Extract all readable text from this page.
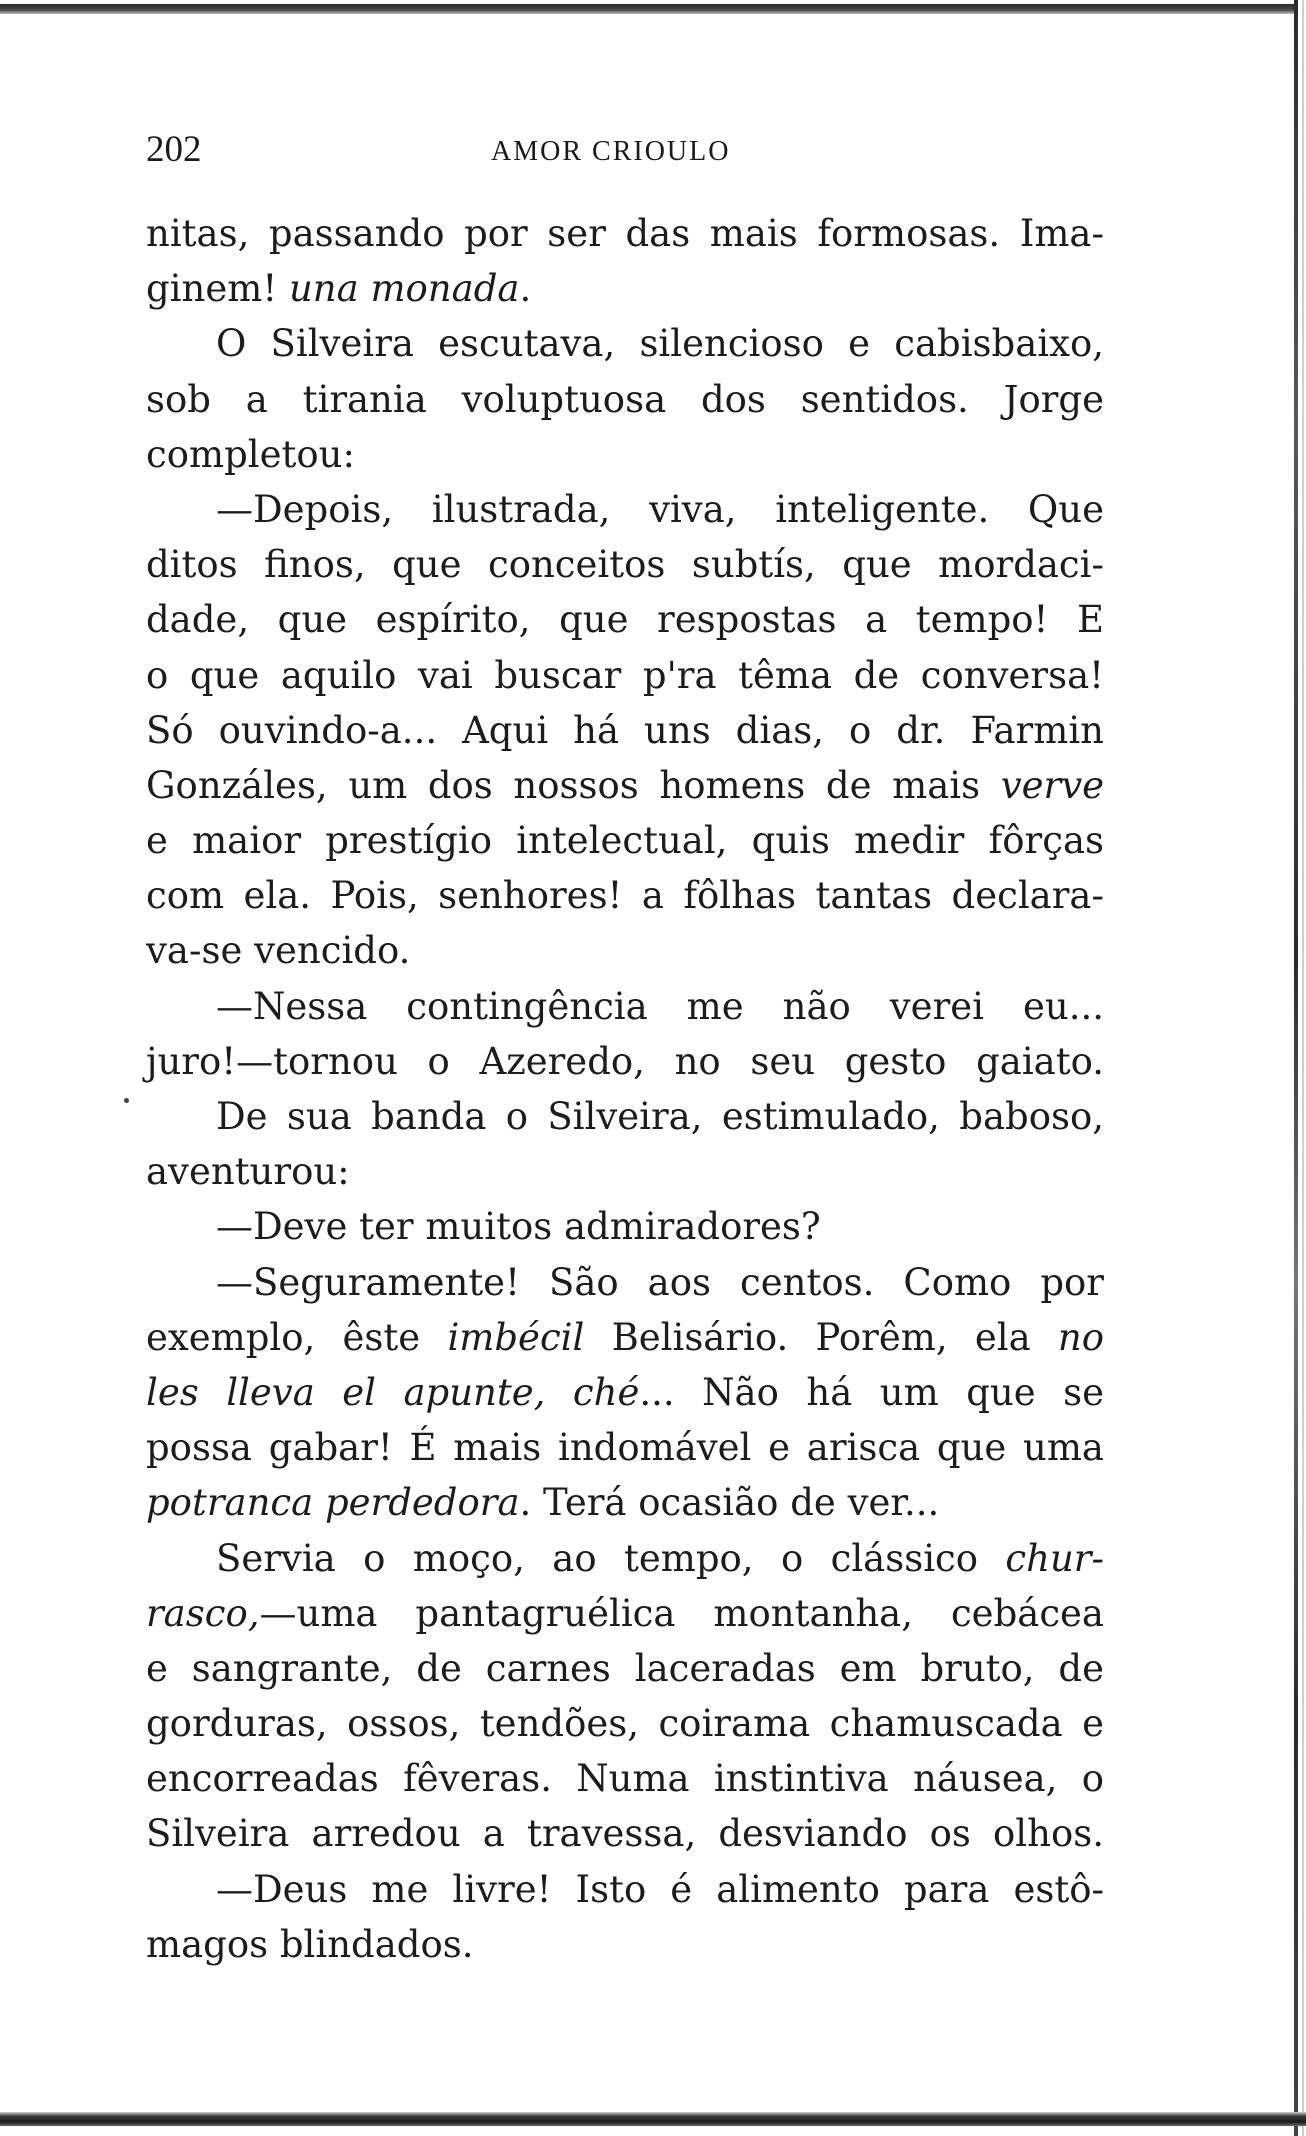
202	AMOR CRIOULO
nitas, passando por ser das mais formosas. Ima-
ginem! una monada.
O Silveira escutava, silencioso e cabisbaixo,
sob a tirania voluptuosa dos sentidos. Jorge
completou:
—Depois, ilustrada, viva, inteligente. Que
ditos finos, que conceitos subtís, que mordaci-
dade, que espírito, que respostas a tempo! E
o que aquilo vai buscar p'ra têma de conversa!
Só ouvindo-a... Aqui há uns dias, o dr. Farmin
Gonzáles, um dos nossos homens de mais verve
e maior prestígio intelectual, quis medir fôrças
com ela. Pois, senhores! a fôlhas tantas declara-
va-se vencido.
—Nessa contingência me não verei eu...
juro!—tornou o Azeredo, no seu gesto gaiato.
De sua banda o Silveira, estimulado, baboso,
aventurou:
—Deve ter muitos admiradores?
—Seguramente! São aos centos. Como por
exemplo, êste imbécil Belisário. Porêm, ela no
les lleva el apunte, ché... Não há um que se
possa gabar! É mais indomável e arisca que uma
potranca perdedora. Terá ocasião de ver...
Servia o moço, ao tempo, o clássico chur-
rasco,—uma pantagruélica montanha, cebácea
e sangrante, de carnes laceradas em bruto, de
gorduras, ossos, tendões, coirama chamuscada e
encorreadas fêveras. Numa instintiva náusea, o
Silveira arredou a travessa, desviando os olhos.
—Deus me livre! Isto é alimento para estô-
magos blindados.
